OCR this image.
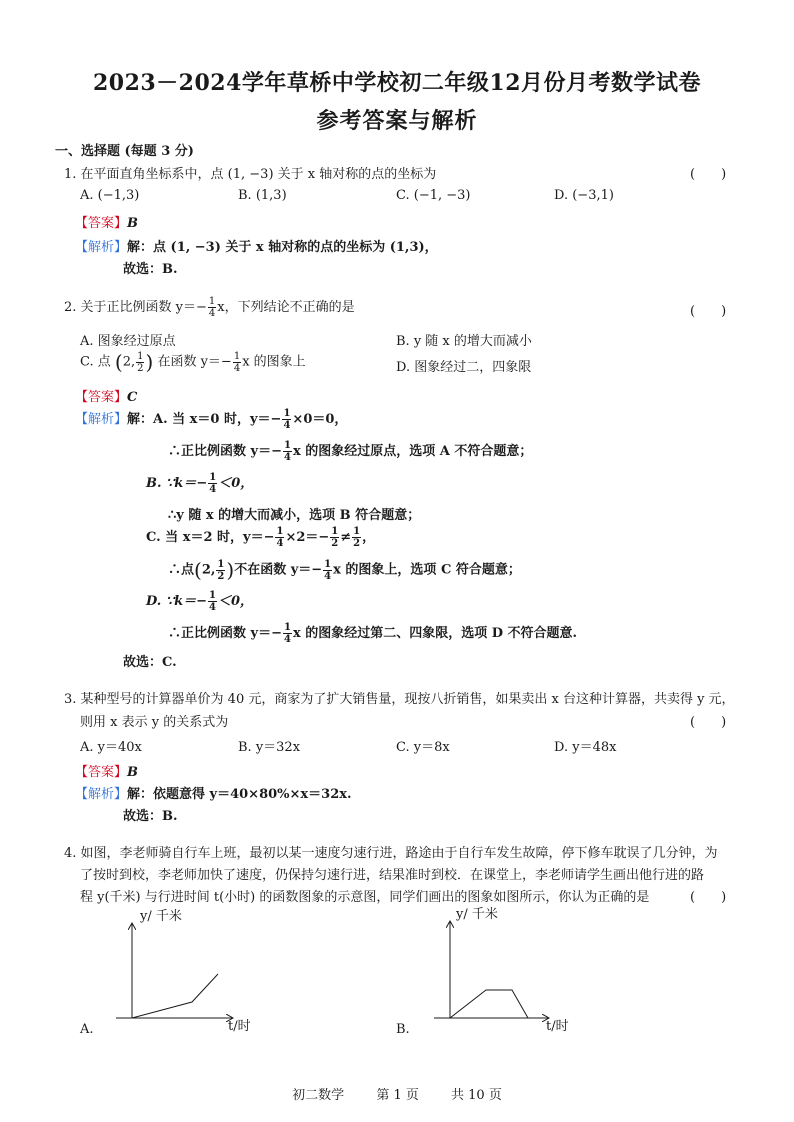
2023－2024学年草桥中学校初二年级12月份月考数学试卷
参考答案与解析
一、选择题 (每题 3 分)
1. 在平面直角坐标系中，点 (1, −3) 关于 x 轴对称的点的坐标为	(　　)
A. (−1,3)	B. (1,3)	C. (−1, −3)	D. (−3,1)
【答案】B
【解析】解：点 (1, −3) 关于 x 轴对称的点的坐标为 (1,3)，
故选：B.
2. 关于正比例函数 $y=- \frac{1}{4}$ x，下列结论不正确的是	(　　)
A. 图象经过原点	B. y 随 x 的增大而减小
C. 点 (2, $\frac{1}{2}$ ) 在函数 $y=- \frac{1}{4}$ x 的图象上	D. 图象经过二，四象限
【答案】C
【解析】解：A. 当 x＝0 时，$y=- \frac{1}{4} \times 0=0$，
∴正比例函数 $y=- \frac{1}{4}$ x 的图象经过原点，选项 A 不符合题意；
B. ∵k＝− $\frac{1}{4} <0$，
∴y 随 x 的增大而减小，选项 B 符合题意；
C. 当 x＝2 时，$y=- \frac{1}{4} \times 2=- \frac{1}{2} \ne \frac{1}{2}$ ，
∴点(2, $\frac{1}{2}$ )不在函数 $y=- \frac{1}{4}$ x 的图象上，选项 C 符合题意；
D. ∵k＝− $\frac{1}{4} <0$，
∴正比例函数 $y=- \frac{1}{4}$ x 的图象经过第二、四象限，选项 D 不符合题意.
故选：C.
3. 某种型号的计算器单价为 40 元，商家为了扩大销售量，现按八折销售，如果卖出 x 台这种计算器，共卖得 y 元，
则用 x 表示 y 的关系式为	(　　)
A. y＝40x	B. y＝32x	C. y＝8x	D. y＝48x
【答案】B
【解析】解：依题意得 y＝40×80%×x＝32x.
故选：B.
4. 如图，李老师骑自行车上班，最初以某一速度匀速行进，路途由于自行车发生故障，停下修车耽误了几分钟，为
了按时到校，李老师加快了速度，仍保持匀速行进，结果准时到校．在课堂上，李老师请学生画出他行进的路
程 y(千米) 与行进时间 t(小时) 的函数图象的示意图，同学们画出的图象如图所示，你认为正确的是	(　　)
A.
y/ 千米
t/时	B.
y/ 千米
t/时
初二数学 第 1 页 共 10 页
